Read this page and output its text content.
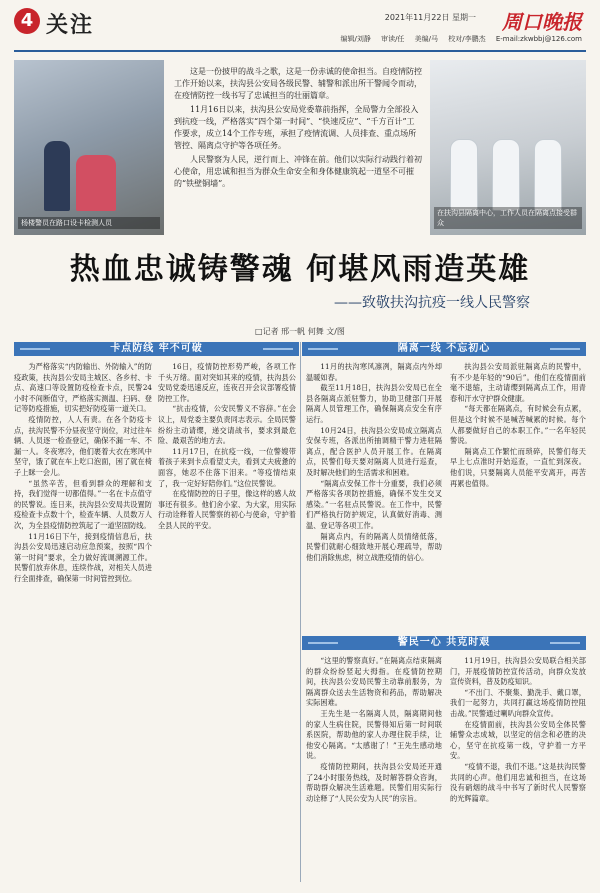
4 关注	2021年11月22日 星期一
编辑/刘静 审读/任 美编/马 校对/李鹏杰 E-mail:zkwbbj@126.com
周口晚报
杨楼警员在路口设卡检测人员
在扶沟县隔离中心，工作人员在隔离点接受群众

这是一份披甲的战斗之歌，这是一份赤诚的使命担当。自疫情防控工作开始以来，扶沟县公安局各级民警、辅警和派出所干警闻令而动，在疫情防控一线书写了忠诚担当的壮丽篇章。

11月16日以来，扶沟县公安局党委靠前指挥，全局警力全部投入到抗疫一线，严格落实“四个第一时间”、“快速反应”、“千方百计”工作要求，成立14个工作专班，承担了疫情流调、人员排查、重点场所管控、隔离点守护等各项任务。

人民警察为人民，逆行而上、冲锋在前。他们以实际行动践行着初心使命，用忠诚和担当为群众生命安全和身体健康筑起一道坚不可摧的“铁壁铜墙”。

热血忠诚铸警魂 何堪风雨造英雄
——致敬扶沟抗疫一线人民警察
□记者 邢一帆 何舞 文/图
卡点防线 牢不可破	隔离一线 不忘初心

为严格落实“内防输出、外防输入”的防疫政策，扶沟县公安局主城区、各乡村、卡点、高速口等设置防疫检查卡点，民警24小时不间断值守，严格落实测温、扫码、登记等防疫措施，切实把好防疫第一道关口。

疫情防控，人人有责。在各个防疫卡点，扶沟民警不分昼夜坚守岗位，对过往车辆、人员逐一检查登记，确保不漏一车、不漏一人。冬夜寒冷，他们裹着大衣在寒风中坚守，饿了就在车上吃口泡面，困了就在椅子上眯一会儿。

“虽然辛苦，但看到群众的理解和支持，我们觉得一切都值得。”一名在卡点值守的民警说。连日来，扶沟县公安局共设置防疫检查卡点数十个，检查车辆、人员数万人次，为全县疫情防控筑起了一道坚固防线。

11月16日下午，接到疫情信息后，扶沟县公安局迅速启动应急预案，按照“四个第一时间”要求，全力做好流调溯源工作。民警们放弃休息，连续作战，对相关人员进行全面排查，确保第一时间管控到位。

16日，疫情防控形势严峻，各项工作千头万绪。面对突如其来的疫情，扶沟县公安局党委迅速反应，连夜召开会议部署疫情防控工作。

“抗击疫情，公安民警义不容辞。”在会议上，局党委主要负责同志表示。全局民警纷纷主动请缨，递交请战书，要求到最危险、最艰苦的地方去。

11月17日，在抗疫一线，一位警嫂带着孩子来到卡点看望丈夫，看到丈夫疲惫的面容，她忍不住落下泪来。“等疫情结束了，我一定好好陪你们。”这位民警说。

在疫情防控的日子里，像这样的感人故事还有很多。他们舍小家、为大家，用实际行动诠释着人民警察的初心与使命，守护着全县人民的平安。

11月的扶沟寒风凛冽，隔离点内外却温暖如春。

截至11月18日，扶沟县公安局已在全县各隔离点派驻警力，协助卫健部门开展隔离人员管理工作，确保隔离点安全有序运行。

10月24日，扶沟县公安局成立隔离点安保专班，各派出所抽调精干警力进驻隔离点，配合医护人员开展工作。在隔离点，民警们每天要对隔离人员进行巡查，及时解决他们的生活需求和困难。

“隔离点安保工作十分重要，我们必须严格落实各项防控措施，确保不发生交叉感染。”一名驻点民警说。在工作中，民警们严格执行防护规定，认真做好消毒、测温、登记等各项工作。

隔离点内，有的隔离人员情绪低落，民警们就耐心细致地开展心理疏导，帮助他们消除焦虑，树立战胜疫情的信心。

扶沟县公安局派驻隔离点的民警中，有不少是年轻的“90后”。他们在疫情面前毫不退缩，主动请缨到隔离点工作，用青春和汗水守护群众健康。

“每天都在隔离点，有时候会有点累，但是这个时候不是喊苦喊累的时候。每个人都要做好自己的本职工作。”一名年轻民警说。

隔离点工作繁忙而琐碎，民警们每天早上七点准时开始巡查，一直忙到深夜。他们说，只要隔离人员能平安离开，再苦再累也值得。

警民一心 共克时艰

“这里的警察真好。”在隔离点结束隔离的群众纷纷竖起大拇指。在疫情防控期间，扶沟县公安局民警主动靠前服务，为隔离群众送去生活物资和药品，帮助解决实际困难。

王先生是一名隔离人员，隔离期间他的家人生病住院，民警得知后第一时间联系医院，帮助他的家人办理住院手续，让他安心隔离。“太感谢了！”王先生感动地说。

疫情防控期间，扶沟县公安局还开通了24小时服务热线，及时解答群众咨询，帮助群众解决生活难题。民警们用实际行动诠释了“人民公安为人民”的宗旨。

11月19日，扶沟县公安局联合相关部门，开展疫情防控宣传活动，向群众发放宣传资料，普及防疫知识。

“不出门、不聚集、勤洗手、戴口罩，我们一起努力，共同打赢这场疫情防控阻击战。”民警通过喇叭向群众宣传。

在疫情面前，扶沟县公安局全体民警辅警众志成城，以坚定的信念和必胜的决心，坚守在抗疫第一线，守护着一方平安。

“疫情不退，我们不退。”这是扶沟民警共同的心声。他们用忠诚和担当，在这场没有硝烟的战斗中书写了新时代人民警察的光辉篇章。
